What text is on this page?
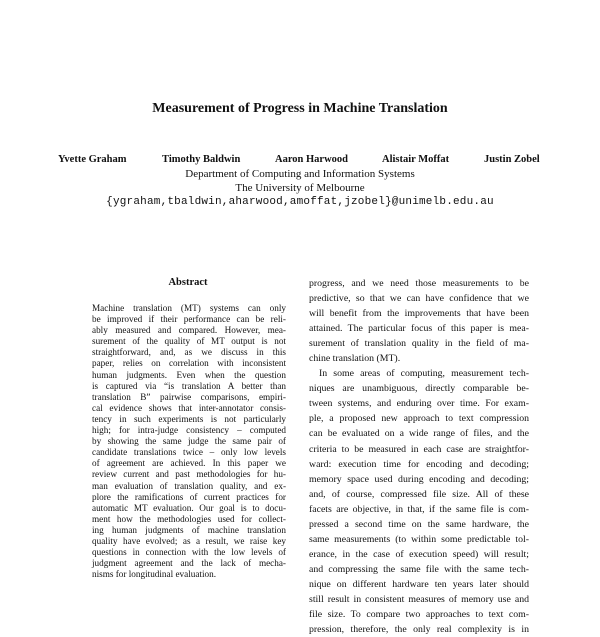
Measurement of Progress in Machine Translation
Yvette Graham	Timothy Baldwin	Aaron Harwood	Alistair Moffat	Justin Zobel
Department of Computing and Information Systems
The University of Melbourne
{ygraham,tbaldwin,aharwood,amoffat,jzobel}@unimelb.edu.au
Abstract
Machine translation (MT) systems can only
be improved if their performance can be reli-
ably measured and compared. However, mea-
surement of the quality of MT output is not
straightforward, and, as we discuss in this
paper, relies on correlation with inconsistent
human judgments. Even when the question
is captured via “is translation A better than
translation B” pairwise comparisons, empiri-
cal evidence shows that inter-annotator consis-
tency in such experiments is not particularly
high; for intra-judge consistency – computed
by showing the same judge the same pair of
candidate translations twice – only low levels
of agreement are achieved. In this paper we
review current and past methodologies for hu-
man evaluation of translation quality, and ex-
plore the ramifications of current practices for
automatic MT evaluation. Our goal is to docu-
ment how the methodologies used for collect-
ing human judgments of machine translation
quality have evolved; as a result, we raise key
questions in connection with the low levels of
judgment agreement and the lack of mecha-
nisms for longitudinal evaluation.
progress, and we need those measurements to be
predictive, so that we can have confidence that we
will benefit from the improvements that have been
attained. The particular focus of this paper is mea-
surement of translation quality in the field of ma-
chine translation (MT).
In some areas of computing, measurement tech-
niques are unambiguous, directly comparable be-
tween systems, and enduring over time. For exam-
ple, a proposed new approach to text compression
can be evaluated on a wide range of files, and the
criteria to be measured in each case are straightfor-
ward: execution time for encoding and decoding;
memory space used during encoding and decoding;
and, of course, compressed file size. All of these
facets are objective, in that, if the same file is com-
pressed a second time on the same hardware, the
same measurements (to within some predictable tol-
erance, in the case of execution speed) will result;
and compressing the same file with the same tech-
nique on different hardware ten years later should
still result in consistent measures of memory use and
file size. To compare two approaches to text com-
pression, therefore, the only real complexity is in
